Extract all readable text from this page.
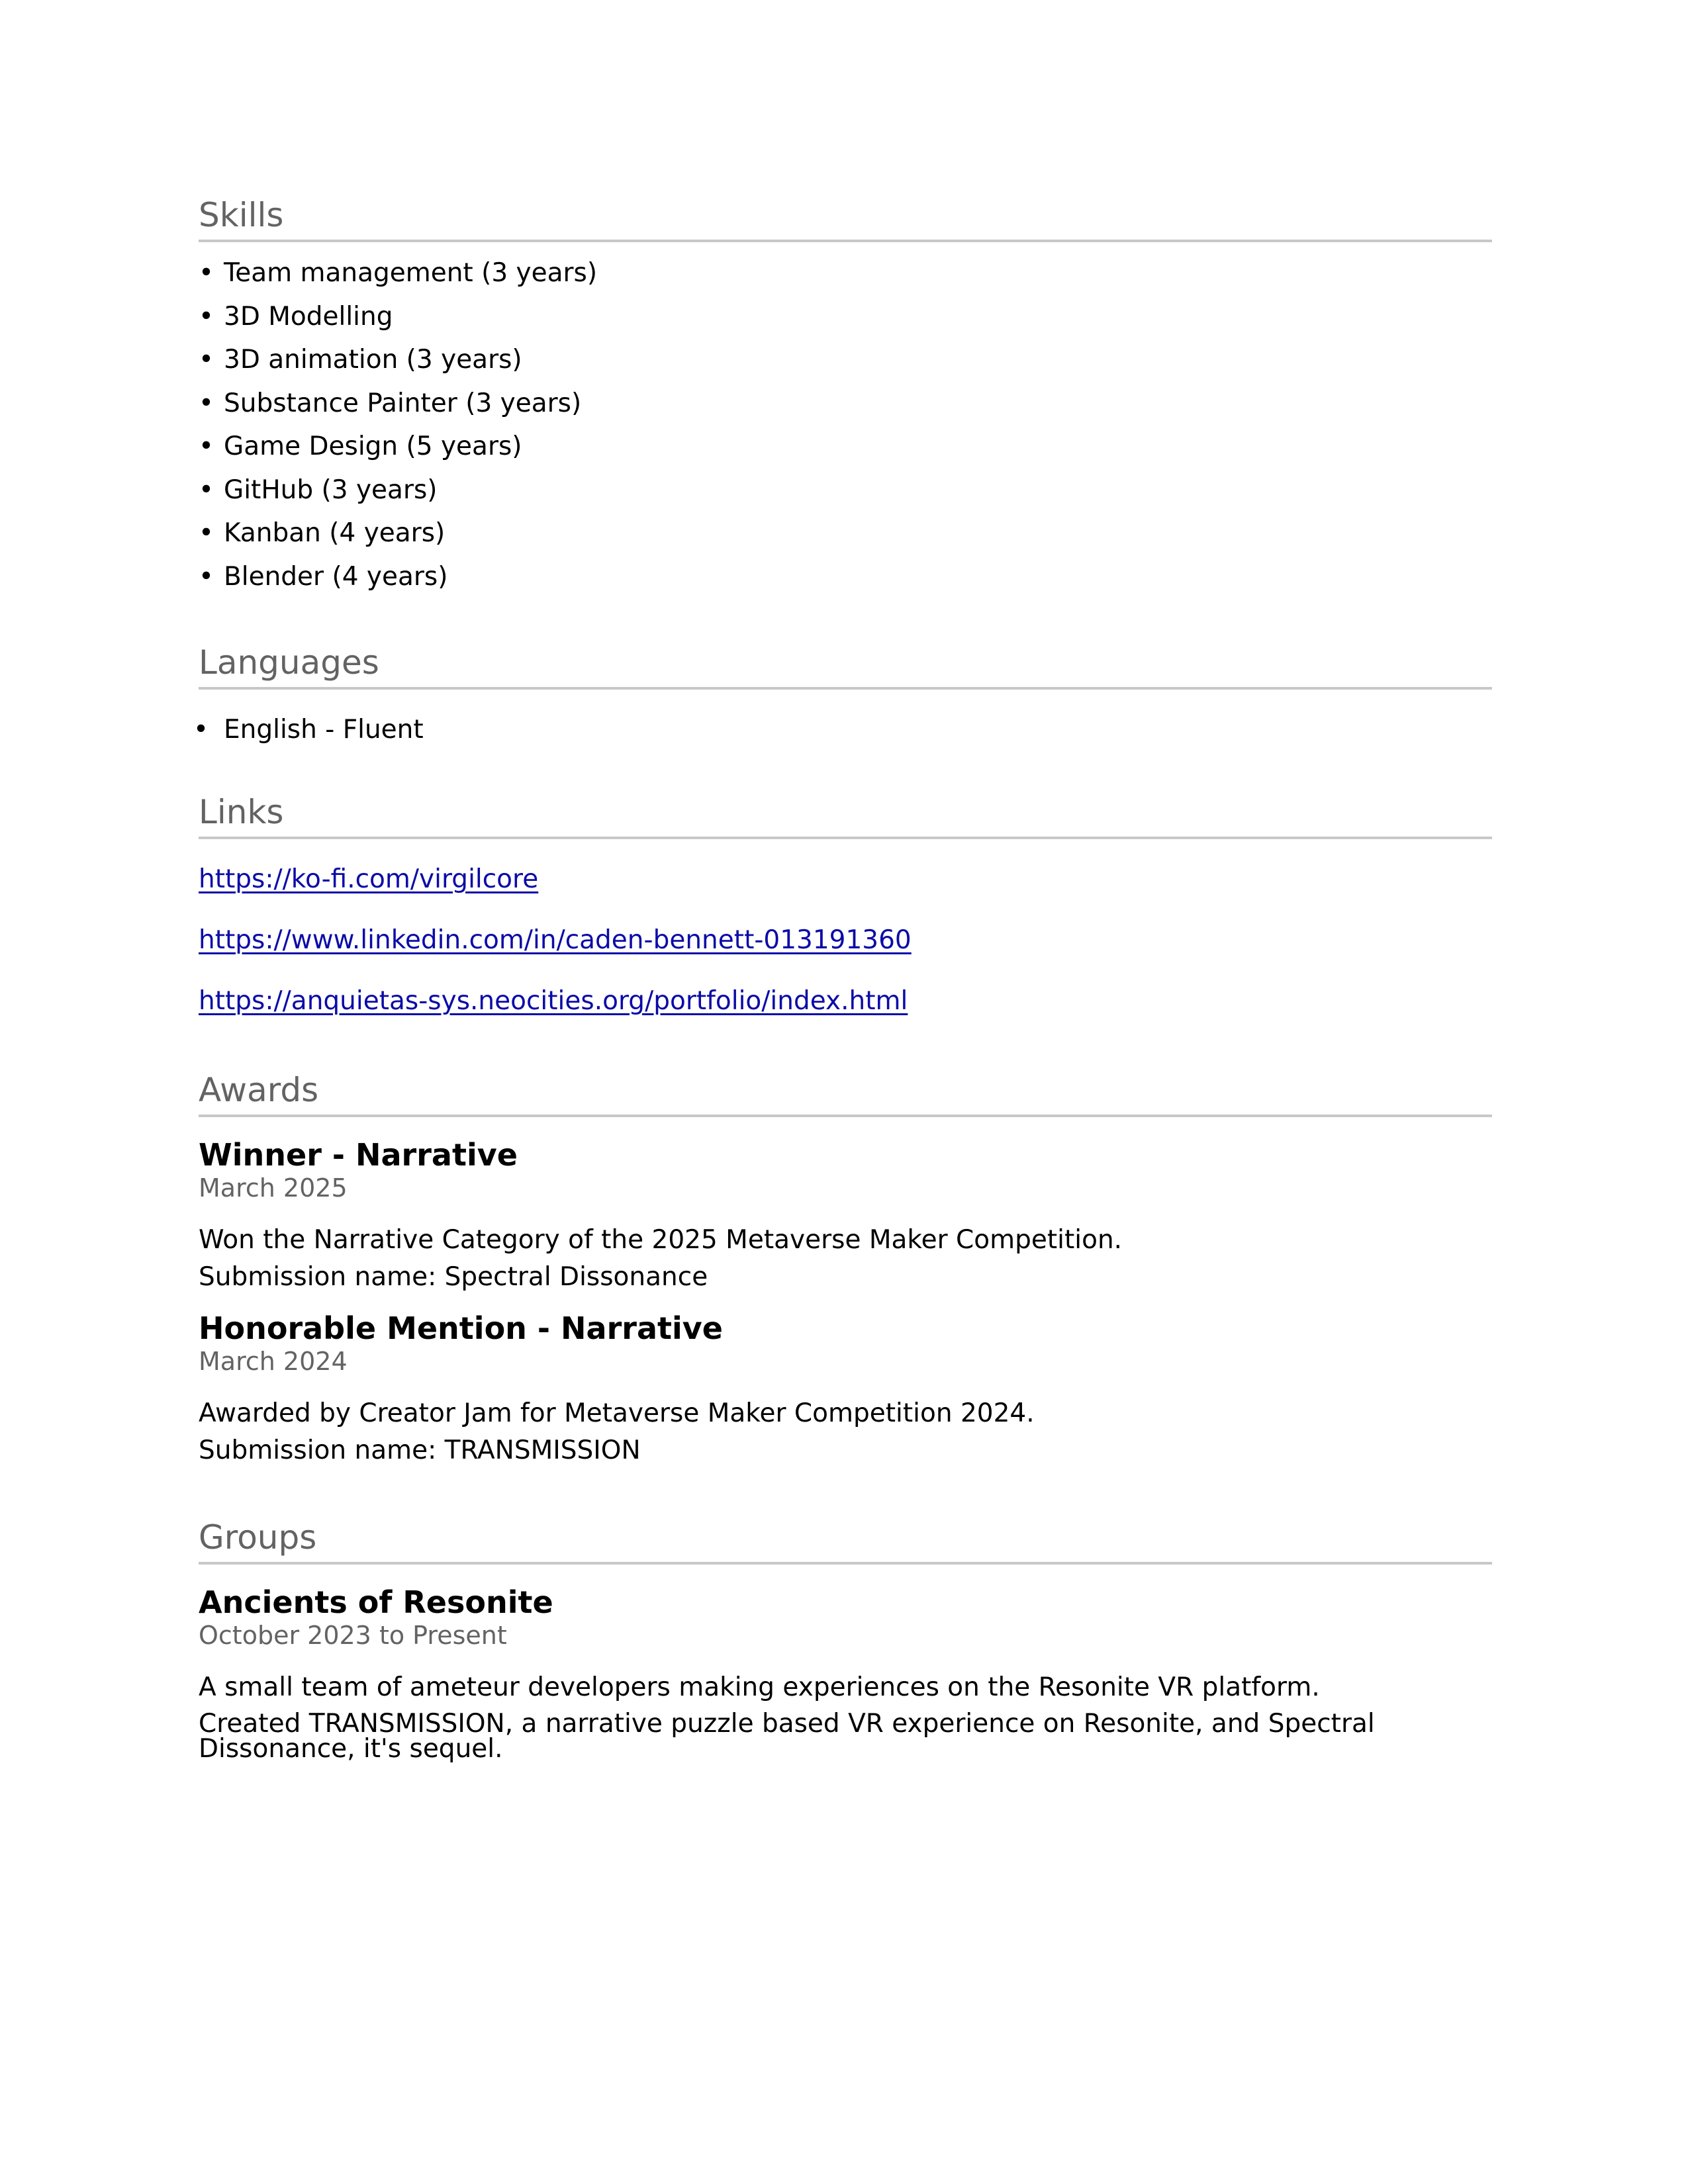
Skills
• Team management (3 years)
• 3D Modelling
• 3D animation (3 years)
• Substance Painter (3 years)
• Game Design (5 years)
• GitHub (3 years)
• Kanban (4 years)
• Blender (4 years)
Languages
• English - Fluent
Links
https://ko-fi.com/virgilcore
https://www.linkedin.com/in/caden-bennett-013191360
https://anquietas-sys.neocities.org/portfolio/index.html
Awards
Winner - Narrative
March 2025
Won the Narrative Category of the 2025 Metaverse Maker Competition.
Submission name: Spectral Dissonance
Honorable Mention - Narrative
March 2024
Awarded by Creator Jam for Metaverse Maker Competition 2024.
Submission name: TRANSMISSION
Groups
Ancients of Resonite
October 2023 to Present
A small team of ameteur developers making experiences on the Resonite VR platform.
Created TRANSMISSION, a narrative puzzle based VR experience on Resonite, and Spectral Dissonance, it's sequel.
